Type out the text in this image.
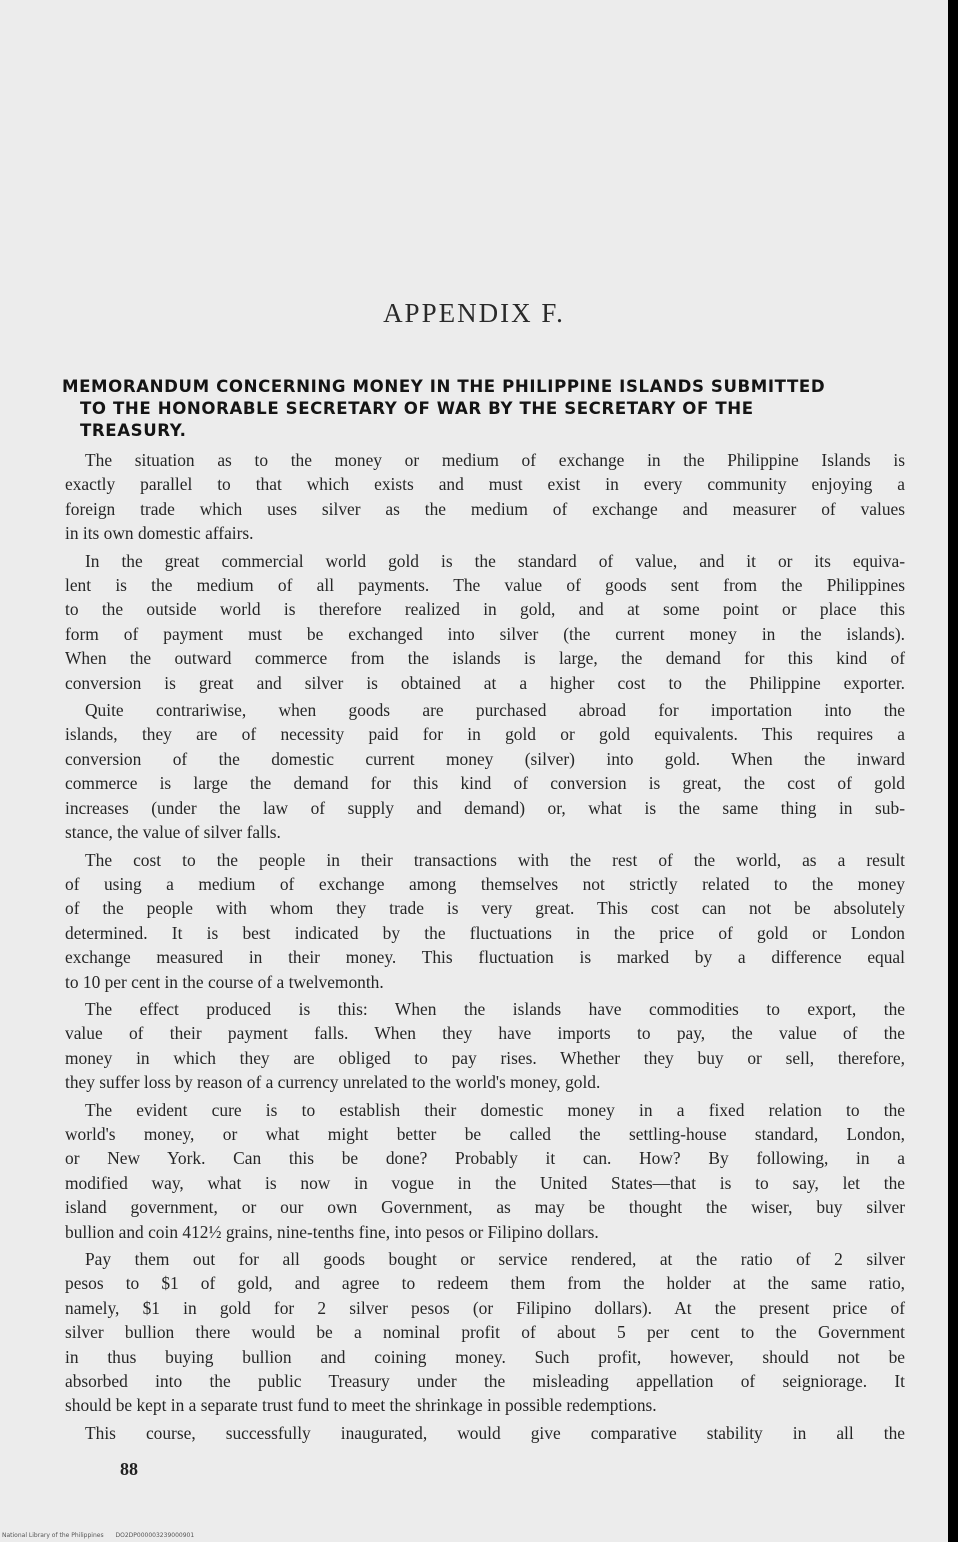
APPENDIX F.
MEMORANDUM CONCERNING MONEY IN THE PHILIPPINE ISLANDS SUBMITTED
TO THE HONORABLE SECRETARY OF WAR BY THE SECRETARY OF THE
TREASURY.
The situation as to the money or medium of exchange in the Philippine Islands is
exactly parallel to that which exists and must exist in every community enjoying a
foreign trade which uses silver as the medium of exchange and measurer of values
in its own domestic affairs.
In the great commercial world gold is the standard of value, and it or its equiva-
lent is the medium of all payments. The value of goods sent from the Philippines
to the outside world is therefore realized in gold, and at some point or place this
form of payment must be exchanged into silver (the current money in the islands).
When the outward commerce from the islands is large, the demand for this kind of
conversion is great and silver is obtained at a higher cost to the Philippine exporter.
Quite contrariwise, when goods are purchased abroad for importation into the
islands, they are of necessity paid for in gold or gold equivalents. This requires a
conversion of the domestic current money (silver) into gold. When the inward
commerce is large the demand for this kind of conversion is great, the cost of gold
increases (under the law of supply and demand) or, what is the same thing in sub-
stance, the value of silver falls.
The cost to the people in their transactions with the rest of the world, as a result
of using a medium of exchange among themselves not strictly related to the money
of the people with whom they trade is very great. This cost can not be absolutely
determined. It is best indicated by the fluctuations in the price of gold or London
exchange measured in their money. This fluctuation is marked by a difference equal
to 10 per cent in the course of a twelvemonth.
The effect produced is this: When the islands have commodities to export, the
value of their payment falls. When they have imports to pay, the value of the
money in which they are obliged to pay rises. Whether they buy or sell, therefore,
they suffer loss by reason of a currency unrelated to the world's money, gold.
The evident cure is to establish their domestic money in a fixed relation to the
world's money, or what might better be called the settling-house standard, London,
or New York. Can this be done? Probably it can. How? By following, in a
modified way, what is now in vogue in the United States—that is to say, let the
island government, or our own Government, as may be thought the wiser, buy silver
bullion and coin 412½ grains, nine-tenths fine, into pesos or Filipino dollars.
Pay them out for all goods bought or service rendered, at the ratio of 2 silver
pesos to $1 of gold, and agree to redeem them from the holder at the same ratio,
namely, $1 in gold for 2 silver pesos (or Filipino dollars). At the present price of
silver bullion there would be a nominal profit of about 5 per cent to the Government
in thus buying bullion and coining money. Such profit, however, should not be
absorbed into the public Treasury under the misleading appellation of seigniorage. It
should be kept in a separate trust fund to meet the shrinkage in possible redemptions.
This course, successfully inaugurated, would give comparative stability in all the
88
National Library of the Philippines DO2DP000003239000901
